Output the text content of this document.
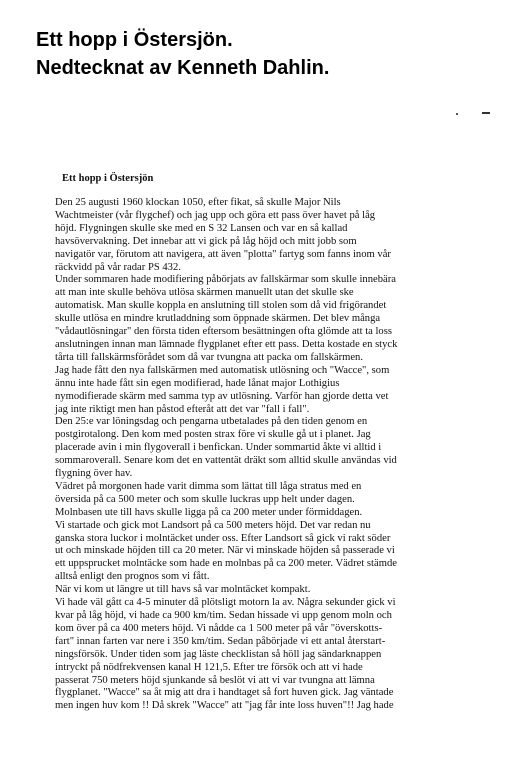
Ett hopp i Östersjön.
Nedtecknat av Kenneth Dahlin.
Ett hopp i Östersjön
Den 25 augusti 1960 klockan 1050, efter fikat, så skulle Major Nils
Wachtmeister (vår flygchef) och jag upp och göra ett pass över havet på låg
höjd. Flygningen skulle ske med en S 32 Lansen och var en så kallad
havsövervakning. Det innebar att vi gick på låg höjd och mitt jobb som
navigatör var, förutom att navigera, att även "plotta" fartyg som fanns inom vår
räckvidd på vår radar PS 432.
Under sommaren hade modifiering påbörjats av fallskärmar som skulle innebära
att man inte skulle behöva utlösa skärmen manuellt utan det skulle ske
automatisk. Man skulle koppla en anslutning till stolen som då vid frigörandet
skulle utlösa en mindre krutladdning som öppnade skärmen. Det blev många
"vådautlösningar" den första tiden eftersom besättningen ofta glömde att ta loss
anslutningen innan man lämnade flygplanet efter ett pass. Detta kostade en styck
tårta till fallskärmsförådet som då var tvungna att packa om fallskärmen.
Jag hade fått den nya fallskärmen med automatisk utlösning och "Wacce", som
ännu inte hade fått sin egen modifierad, hade lånat major Lothigius
nymodifierade skärm med samma typ av utlösning. Varför han gjorde detta vet
jag inte riktigt men han påstod efteråt att det var "fall i fall".
Den 25:e var löningsdag och pengarna utbetalades på den tiden genom en
postgirotalong. Den kom med posten strax före vi skulle gå ut i planet. Jag
placerade avin i min flygoverall i benfickan. Under sommartid åkte vi alltid i
sommaroverall. Senare kom det en vattentät dräkt som alltid skulle användas vid
flygning över hav.
Vädret på morgonen hade varit dimma som lättat till låga stratus med en
översida på ca 500 meter och som skulle luckras upp helt under dagen.
Molnbasen ute till havs skulle ligga på ca 200 meter under förmiddagen.
Vi startade och gick mot Landsort på ca 500 meters höjd. Det var redan nu
ganska stora luckor i molntäcket under oss. Efter Landsort så gick vi rakt söder
ut och minskade höjden till ca 20 meter. När vi minskade höjden så passerade vi
ett uppsprucket molntäcke som hade en molnbas på ca 200 meter. Vädret stämde
alltså enligt den prognos som vi fått.
När vi kom ut längre ut till havs så var molntäcket kompakt.
Vi hade väl gått ca 4-5 minuter då plötsligt motorn la av. Några sekunder gick vi
kvar på låg höjd, vi hade ca 900 km/tim. Sedan hissade vi upp genom moln och
kom över på ca 400 meters höjd. Vi nådde ca 1 500 meter på vår "överskotts-
fart" innan farten var nere i 350 km/tim. Sedan påbörjade vi ett antal återstart-
ningsförsök. Under tiden som jag läste checklistan så höll jag sändarknappen
intryckt på nödfrekvensen kanal H 121,5. Efter tre försök och att vi hade
passerat 750 meters höjd sjunkande så beslöt vi att vi var tvungna att lämna
flygplanet. "Wacce" sa åt mig att dra i handtaget så fort huven gick. Jag väntade
men ingen huv kom !! Då skrek "Wacce" att "jag får inte loss huven"!! Jag hade
